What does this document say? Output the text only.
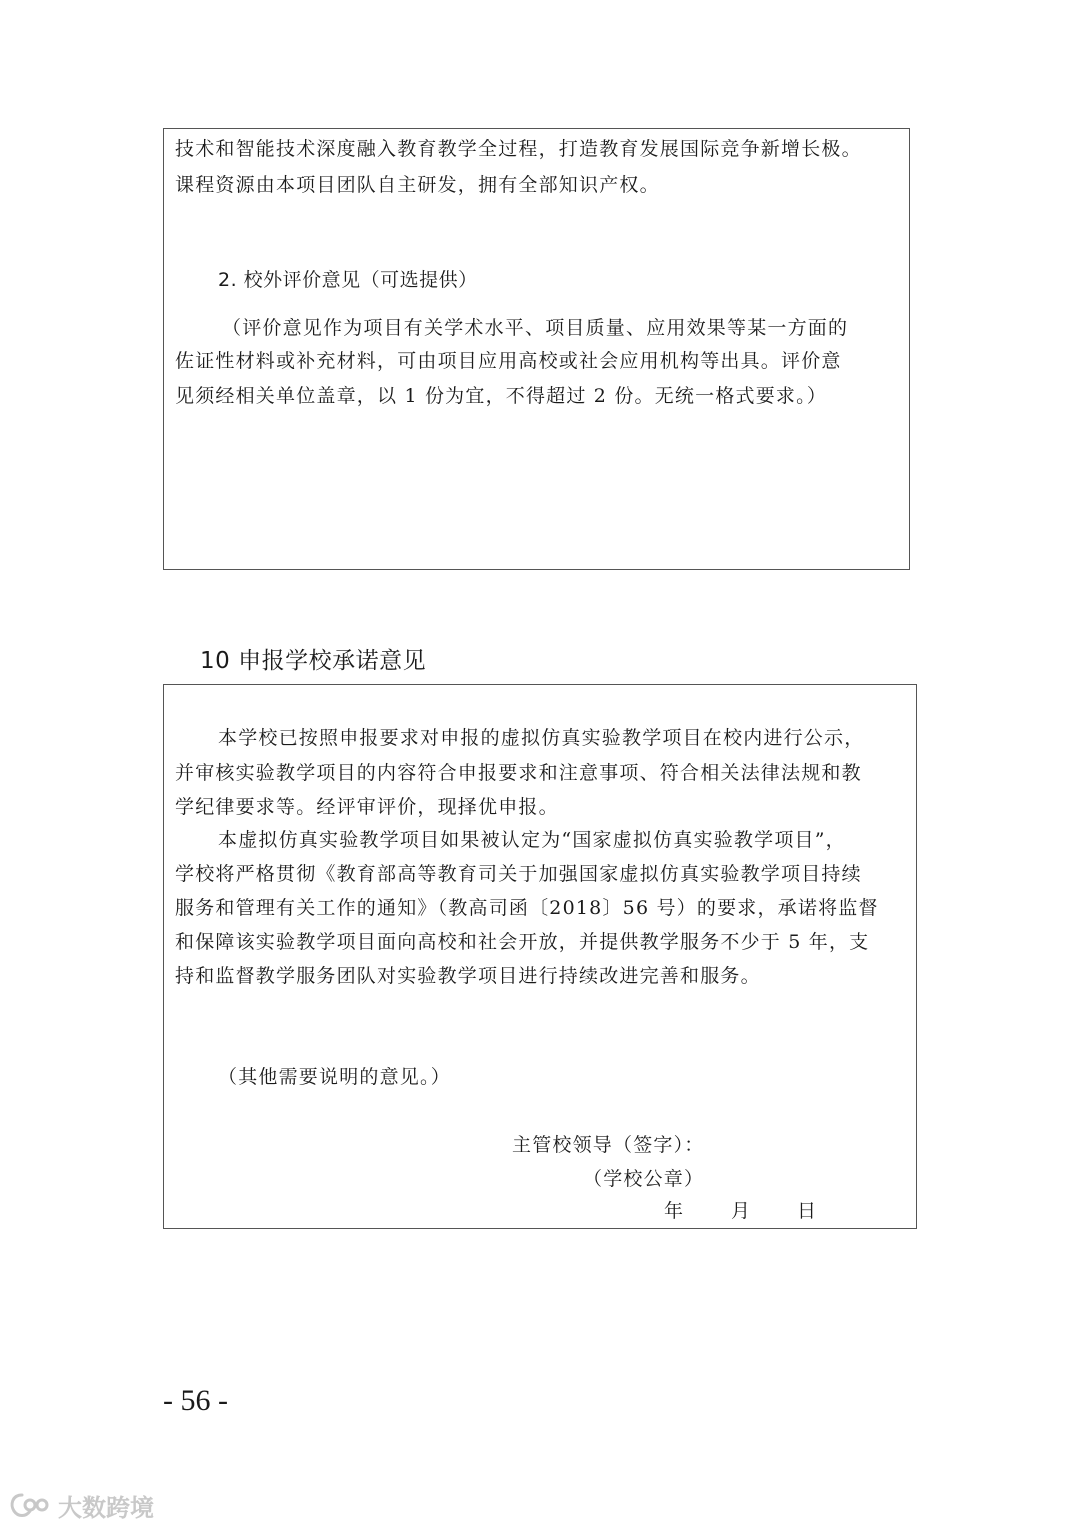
技术和智能技术深度融入教育教学全过程，打造教育发展国际竞争新增长极。
课程资源由本项目团队自主研发，拥有全部知识产权。
2. 校外评价意见（可选提供）
（评价意见作为项目有关学术水平、项目质量、应用效果等某一方面的
佐证性材料或补充材料，可由项目应用高校或社会应用机构等出具。评价意
见须经相关单位盖章，以 1 份为宜，不得超过 2 份。无统一格式要求。）
10 申报学校承诺意见
本学校已按照申报要求对申报的虚拟仿真实验教学项目在校内进行公示，
并审核实验教学项目的内容符合申报要求和注意事项、符合相关法律法规和教
学纪律要求等。经评审评价，现择优申报。
本虚拟仿真实验教学项目如果被认定为“国家虚拟仿真实验教学项目”，
学校将严格贯彻《教育部高等教育司关于加强国家虚拟仿真实验教学项目持续
服务和管理有关工作的通知》（教高司函〔2018〕56 号）的要求，承诺将监督
和保障该实验教学项目面向高校和社会开放，并提供教学服务不少于 5 年，支
持和监督教学服务团队对实验教学项目进行持续改进完善和服务。
（其他需要说明的意见。）
主管校领导（签字）：
（学校公章）
年	月	日
- 56 -
大数跨境
